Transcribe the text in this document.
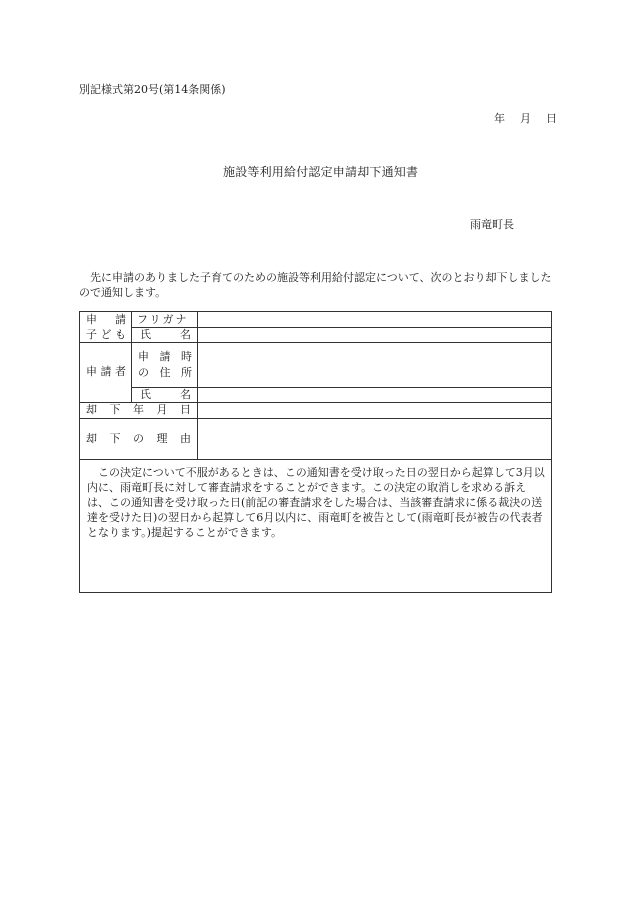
別記様式第20号(第14条関係)
年 月 日
施設等利用給付認定申請却下通知書
雨竜町長
先に申請のありました子育てのための施設等利用給付認定について、次のとおり却下しましたので通知します。
申 請
子 ど も
フリガナ
氏	名
申 請 者
申 請 時
の 住 所
氏	名
却 下 年 月 日
却 下 の 理 由
この決定について不服があるときは、この通知書を受け取った日の翌日から起算して3月以内に、雨竜町長に対して審査請求をすることができます。この決定の取消しを求める訴えは、この通知書を受け取った日(前記の審査請求をした場合は、当該審査請求に係る裁決の送達を受けた日)の翌日から起算して6月以内に、雨竜町を被告として(雨竜町長が被告の代表者となります。)提起することができます。
